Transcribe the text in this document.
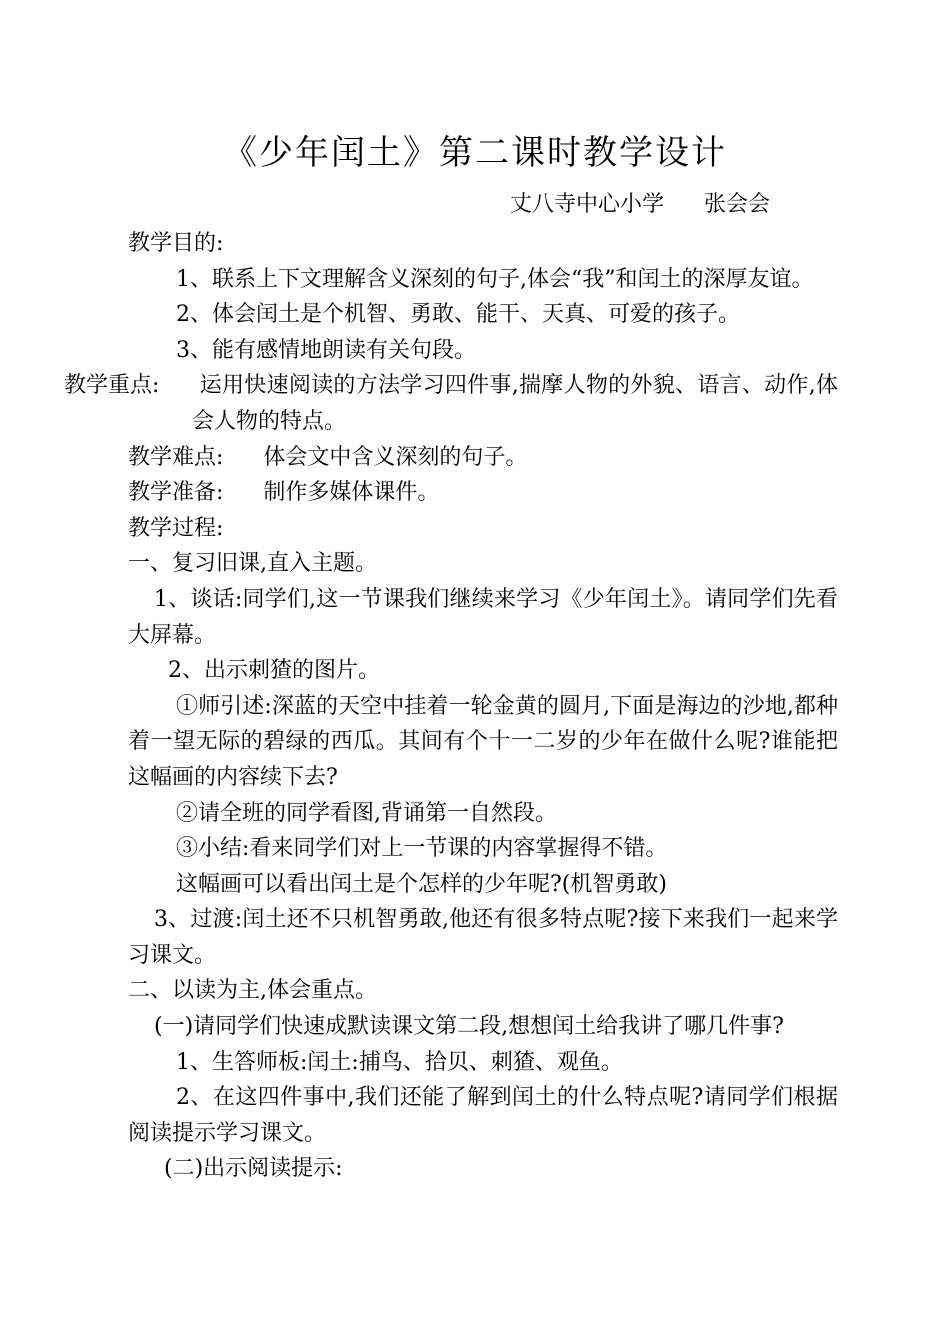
《少年闰土》第二课时教学设计
丈八寺中心小学 张会会

教学目的:

1、联系上下文理解含义深刻的句子,体会“我”和闰土的深厚友谊。

2、体会闰土是个机智、勇敢、能干、天真、可爱的孩子。

3、能有感情地朗读有关句段。

教学重点: 运用快速阅读的方法学习四件事,揣摩人物的外貌、语言、动作,体会人物的特点。

教学难点: 体会文中含义深刻的句子。

教学准备: 制作多媒体课件。

教学过程:

一、复习旧课,直入主题。

1、谈话:同学们,这一节课我们继续来学习《少年闰土》。请同学们先看大屏幕。

2、出示刺猹的图片。

①师引述:深蓝的天空中挂着一轮金黄的圆月,下面是海边的沙地,都种着一望无际的碧绿的西瓜。其间有个十一二岁的少年在做什么呢?谁能把这幅画的内容续下去?

②请全班的同学看图,背诵第一自然段。

③小结:看来同学们对上一节课的内容掌握得不错。

这幅画可以看出闰土是个怎样的少年呢?(机智勇敢)

3、过渡:闰土还不只机智勇敢,他还有很多特点呢?接下来我们一起来学习课文。

二、以读为主,体会重点。

(一)请同学们快速成默读课文第二段,想想闰土给我讲了哪几件事?

1、生答师板:闰土:捕鸟、拾贝、刺猹、观鱼。

2、在这四件事中,我们还能了解到闰土的什么特点呢?请同学们根据阅读提示学习课文。

(二)出示阅读提示:
